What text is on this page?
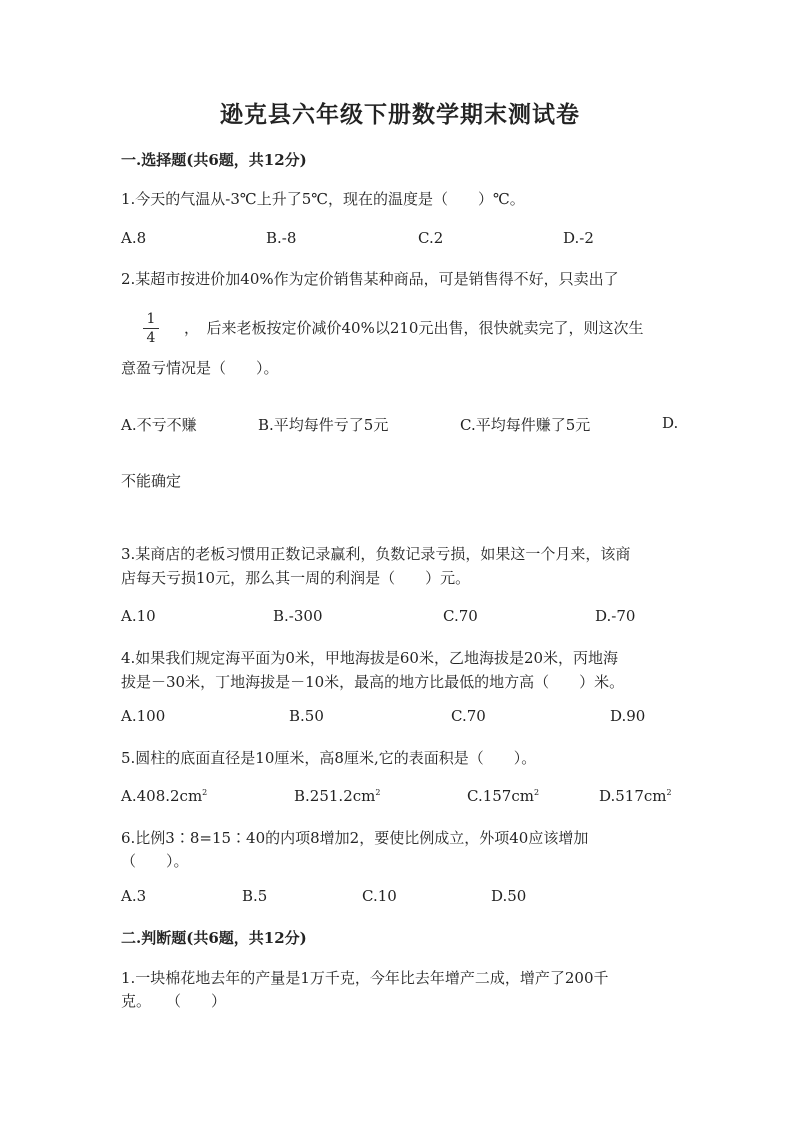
逊克县六年级下册数学期末测试卷
一.选择题(共6题，共12分)
1.今天的气温从-3℃上升了5℃，现在的温度是（　　）℃。
A.8	B.-8	C.2	D.-2
2.某超市按进价加40%作为定价销售某种商品，可是销售得不好，只卖出了
1
4
，　后来老板按定价减价40%以210元出售，很快就卖完了，则这次生
意盈亏情况是（　　）。
A.不亏不赚	B.平均每件亏了5元	C.平均每件赚了5元	D.
不能确定
3.某商店的老板习惯用正数记录赢利，负数记录亏损，如果这一个月来，该商
店每天亏损10元，那么其一周的利润是（　　）元。
A.10	B.-300	C.70	D.-70
4.如果我们规定海平面为0米，甲地海拔是60米，乙地海拔是20米，丙地海
拔是－30米，丁地海拔是－10米，最高的地方比最低的地方高（　　）米。
A.100	B.50	C.70	D.90
5.圆柱的底面直径是10厘米，高8厘米,它的表面积是（　　）。
$A.408.2cm^2$	$B.251.2cm^2$	$C.157cm^2$	$D.517cm^2$
6.比例3∶8=15∶40的内项8增加2，要使比例成立，外项40应该增加
（　　）。
A.3	B.5	C.10	D.50
二.判断题(共6题，共12分)
1.一块棉花地去年的产量是1万千克，今年比去年增产二成，增产了200千
克。　　（　　）
